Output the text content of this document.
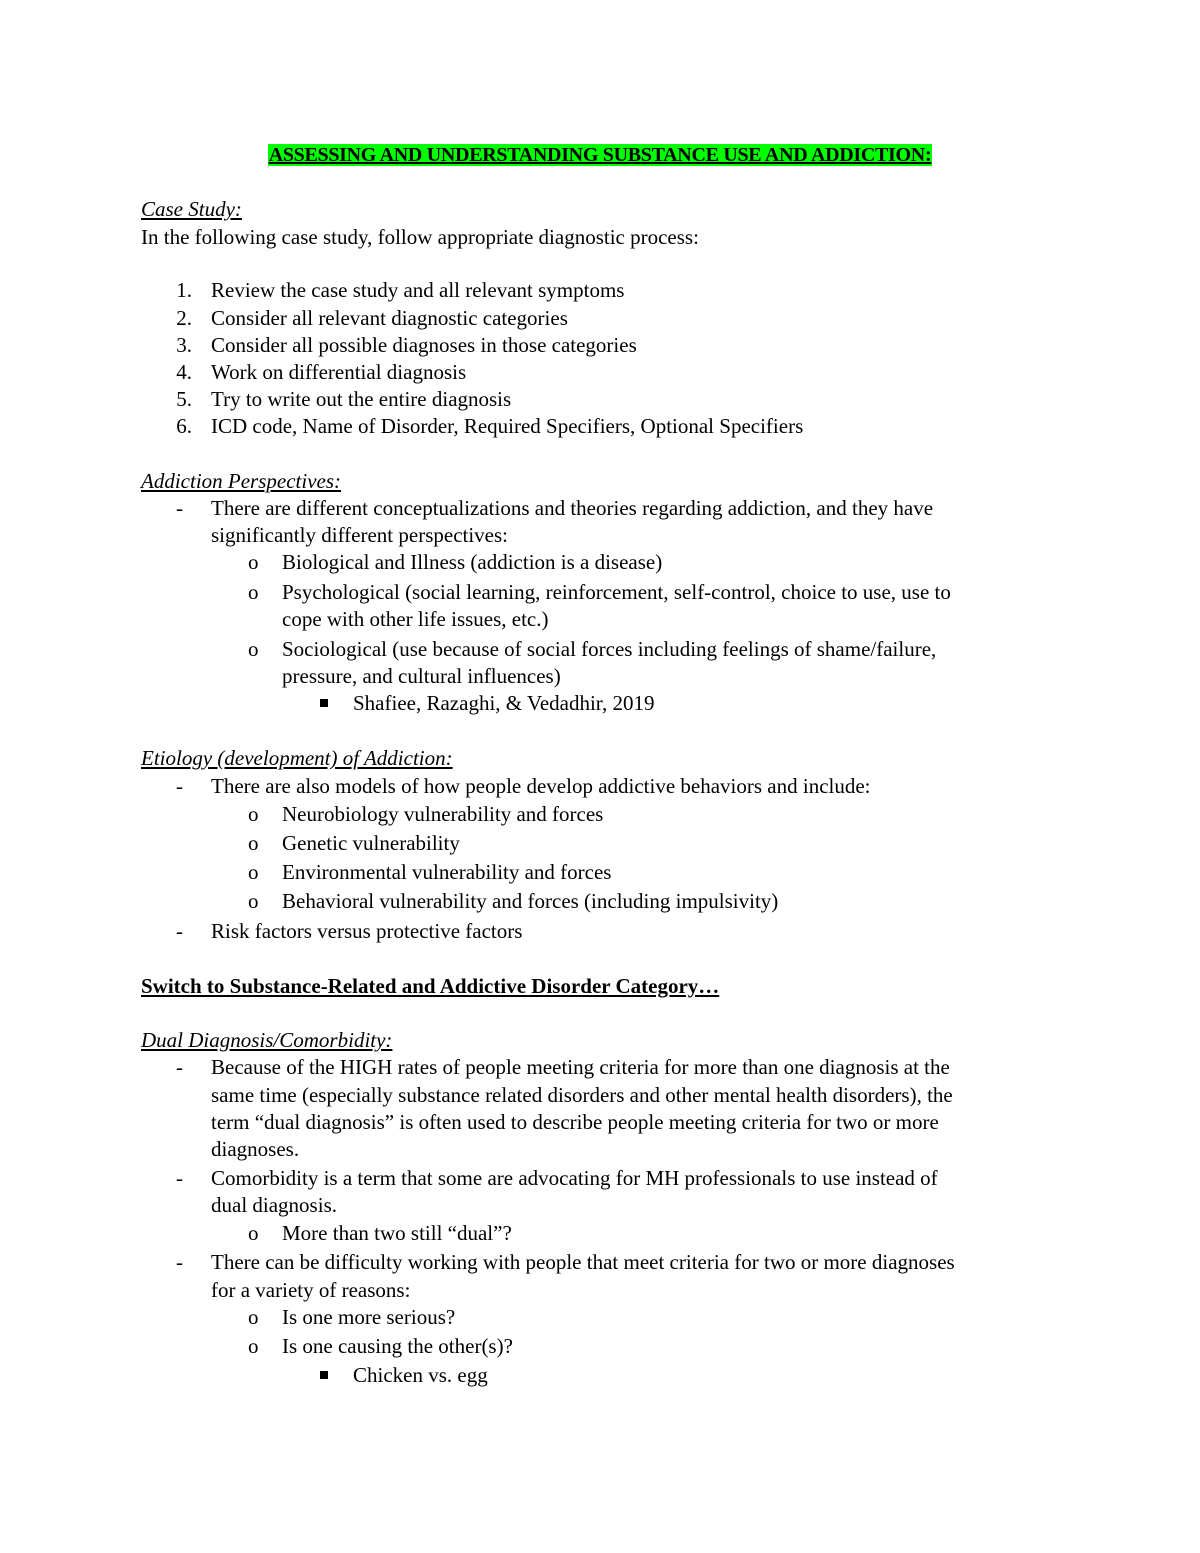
ASSESSING AND UNDERSTANDING SUBSTANCE USE AND ADDICTION:
Case Study:
In the following case study, follow appropriate diagnostic process:
1. Review the case study and all relevant symptoms
2. Consider all relevant diagnostic categories
3. Consider all possible diagnoses in those categories
4. Work on differential diagnosis
5. Try to write out the entire diagnosis
6. ICD code, Name of Disorder, Required Specifiers, Optional Specifiers
Addiction Perspectives:
- There are different conceptualizations and theories regarding addiction, and they have
significantly different perspectives:
o Biological and Illness (addiction is a disease)
o Psychological (social learning, reinforcement, self-control, choice to use, use to
cope with other life issues, etc.)
o Sociological (use because of social forces including feelings of shame/failure,
pressure, and cultural influences)
Shafiee, Razaghi, & Vedadhir, 2019
Etiology (development) of Addiction:
- There are also models of how people develop addictive behaviors and include:
o Neurobiology vulnerability and forces
o Genetic vulnerability
o Environmental vulnerability and forces
o Behavioral vulnerability and forces (including impulsivity)
- Risk factors versus protective factors
Switch to Substance-Related and Addictive Disorder Category…
Dual Diagnosis/Comorbidity:
- Because of the HIGH rates of people meeting criteria for more than one diagnosis at the
same time (especially substance related disorders and other mental health disorders), the
term “dual diagnosis” is often used to describe people meeting criteria for two or more
diagnoses.
- Comorbidity is a term that some are advocating for MH professionals to use instead of
dual diagnosis.
o More than two still “dual”?
- There can be difficulty working with people that meet criteria for two or more diagnoses
for a variety of reasons:
o Is one more serious?
o Is one causing the other(s)?
Chicken vs. egg
